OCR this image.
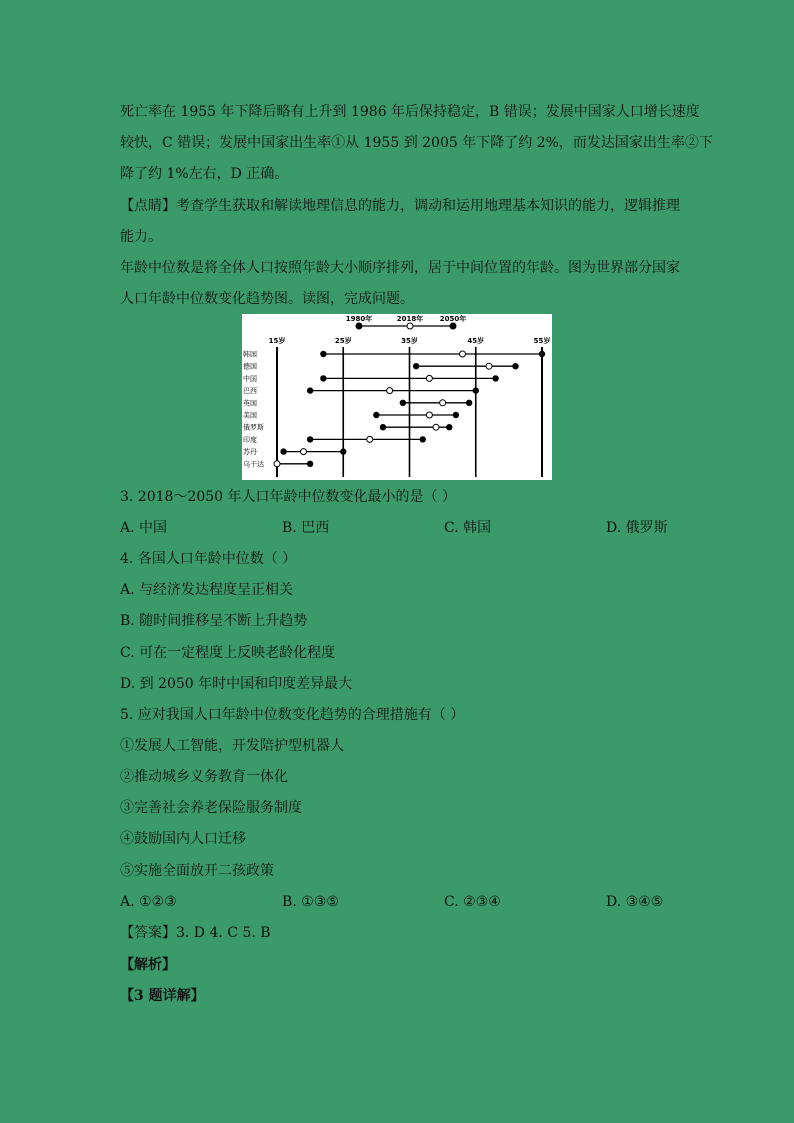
死亡率在 1955 年下降后略有上升到 1986 年后保持稳定，B 错误；发展中国家人口增长速度
较快，C 错误；发展中国家出生率①从 1955 到 2005 年下降了约 2%，而发达国家出生率②下
降了约 1%左右，D 正确。
【点睛】考查学生获取和解读地理信息的能力，调动和运用地理基本知识的能力，逻辑推理
能力。
年龄中位数是将全体人口按照年龄大小顺序排列，居于中间位置的年龄。图为世界部分国家
人口年龄中位数变化趋势图。读图，完成问题。
1980年	2018年 2050年
15岁	25岁	35岁	45岁	55岁
韩国
德国
中国
巴西
英国
美国
俄罗斯
印度
苏丹
乌干达
3. 2018～2050 年人口年龄中位数变化最小的是（ ）
A. 中国	B. 巴西	C. 韩国	D. 俄罗斯
4. 各国人口年龄中位数（ ）
A. 与经济发达程度呈正相关
B. 随时间推移呈不断上升趋势
C. 可在一定程度上反映老龄化程度
D. 到 2050 年时中国和印度差异最大
5. 应对我国人口年龄中位数变化趋势的合理措施有（ ）
①发展人工智能，开发陪护型机器人
②推动城乡义务教育一体化
③完善社会养老保险服务制度
④鼓励国内人口迁移
⑤实施全面放开二孩政策
A. ①②③	B. ①③⑤	C. ②③④	D. ③④⑤
【答案】3. D 4. C 5. B
【解析】
【3 题详解】
